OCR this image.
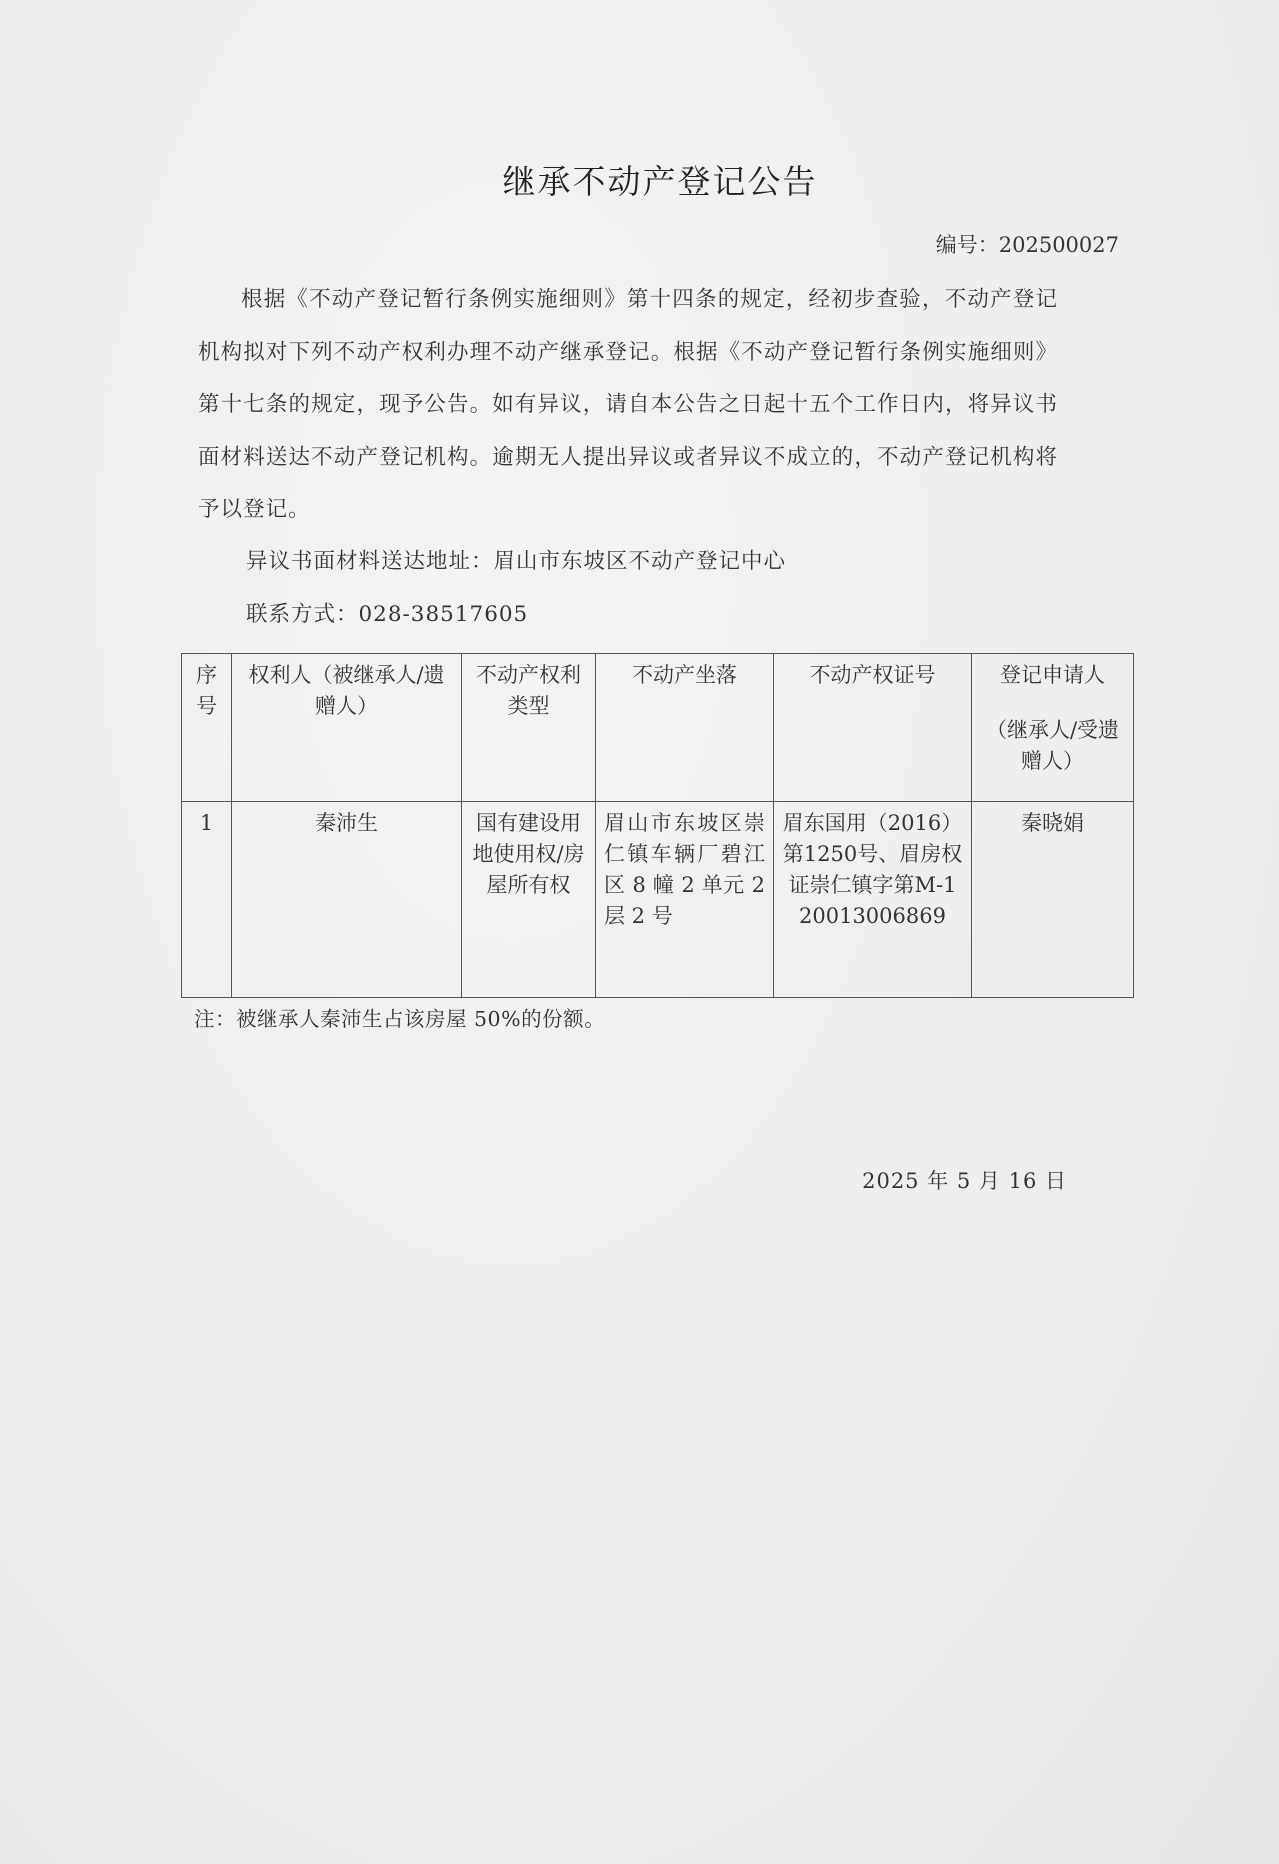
继承不动产登记公告
编号：202500027
根据《不动产登记暂行条例实施细则》第十四条的规定，经初步查验，不动产登记机构拟对下列不动产权利办理不动产继承登记。根据《不动产登记暂行条例实施细则》第十七条的规定，现予公告。如有异议，请自本公告之日起十五个工作日内，将异议书面材料送达不动产登记机构。逾期无人提出异议或者异议不成立的，不动产登记机构将予以登记。
异议书面材料送达地址：眉山市东坡区不动产登记中心
联系方式：028-38517605
序号	权利人（被继承人/遗赠人）	不动产权利类型	不动产坐落	不动产权证号	登记申请人
（继承人/受遗赠人）

1	秦沛生	国有建设用地使用权/房屋所有权	眉山市东坡区崇仁镇车辆厂碧江区 8 幢 2 单元 2 层 2 号	眉东国用（2016）第1250号、眉房权证崇仁镇字第M-120013006869	秦晓娟
注：被继承人秦沛生占该房屋 50%的份额。
2025 年 5 月 16 日
